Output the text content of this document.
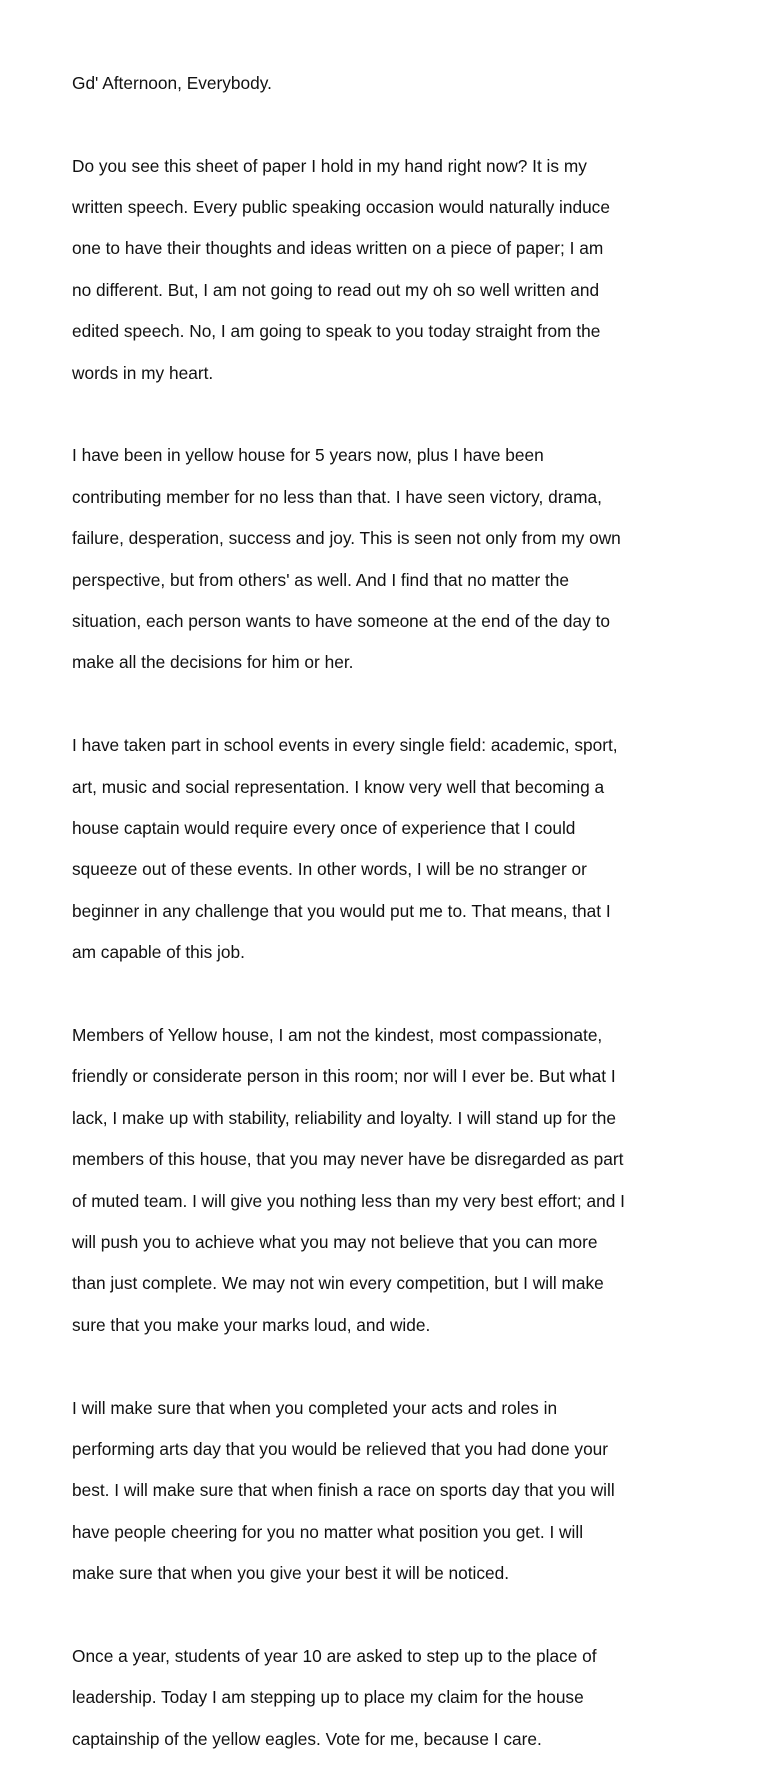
Gd' Afternoon, Everybody.

Do you see this sheet of paper I hold in my hand right now? It is my

written speech. Every public speaking occasion would naturally induce

one to have their thoughts and ideas written on a piece of paper; I am

no different. But, I am not going to read out my oh so well written and

edited speech. No, I am going to speak to you today straight from the

words in my heart.

I have been in yellow house for 5 years now, plus I have been

contributing member for no less than that. I have seen victory, drama,

failure, desperation, success and joy. This is seen not only from my own

perspective, but from others' as well. And I find that no matter the

situation, each person wants to have someone at the end of the day to

make all the decisions for him or her.

I have taken part in school events in every single field: academic, sport,

art, music and social representation. I know very well that becoming a

house captain would require every once of experience that I could

squeeze out of these events. In other words, I will be no stranger or

beginner in any challenge that you would put me to. That means, that I

am capable of this job.

Members of Yellow house, I am not the kindest, most compassionate,

friendly or considerate person in this room; nor will I ever be. But what I

lack, I make up with stability, reliability and loyalty. I will stand up for the

members of this house, that you may never have be disregarded as part

of muted team. I will give you nothing less than my very best effort; and I

will push you to achieve what you may not believe that you can more

than just complete. We may not win every competition, but I will make

sure that you make your marks loud, and wide.

I will make sure that when you completed your acts and roles in

performing arts day that you would be relieved that you had done your

best. I will make sure that when finish a race on sports day that you will

have people cheering for you no matter what position you get. I will

make sure that when you give your best it will be noticed.

Once a year, students of year 10 are asked to step up to the place of

leadership. Today I am stepping up to place my claim for the house

captainship of the yellow eagles. Vote for me, because I care.
